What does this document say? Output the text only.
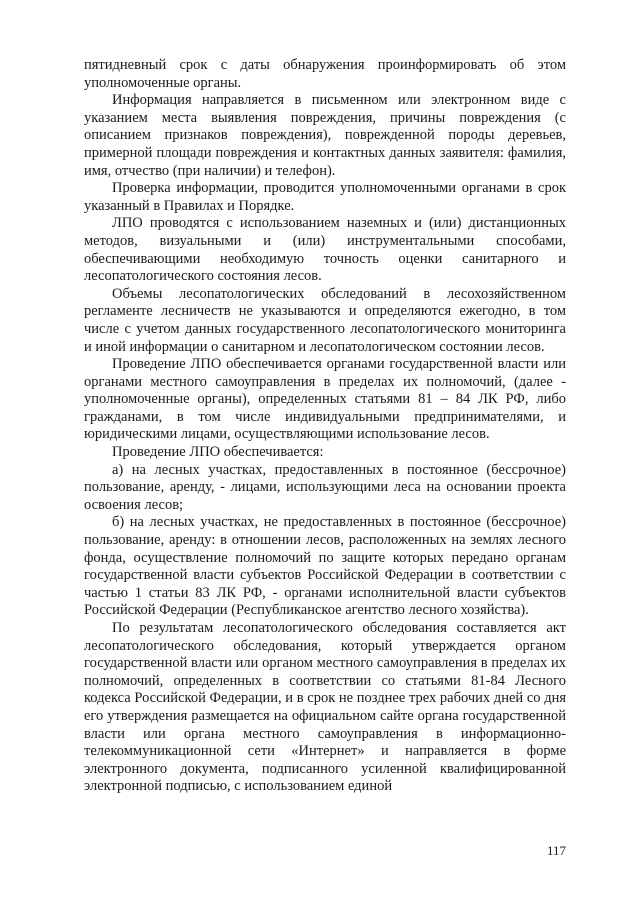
пятидневный срок с даты обнаружения проинформировать об этом уполномоченные органы.

Информация направляется в письменном или электронном виде с указанием места выявления повреждения, причины повреждения (с описанием признаков повреждения), поврежденной породы деревьев, примерной площади повреждения и контактных данных заявителя: фамилия, имя, отчество (при наличии) и телефон).

Проверка информации, проводится уполномоченными органами в срок указанный в Правилах и Порядке.

ЛПО проводятся с использованием наземных и (или) дистанционных методов, визуальными и (или) инструментальными способами, обеспечивающими необходимую точность оценки санитарного и лесопатологического состояния лесов.

Объемы лесопатологических обследований в лесохозяйственном регламенте лесничеств не указываются и определяются ежегодно, в том числе с учетом данных государственного лесопатологического мониторинга и иной информации о санитарном и лесопатологическом состоянии лесов.

Проведение ЛПО обеспечивается органами государственной власти или органами местного самоуправления в пределах их полномочий, (далее - уполномоченные органы), определенных статьями 81 – 84 ЛК РФ, либо гражданами, в том числе индивидуальными предпринимателями, и юридическими лицами, осуществляющими использование лесов.

Проведение ЛПО обеспечивается:

а) на лесных участках, предоставленных в постоянное (бессрочное) пользование, аренду, - лицами, использующими леса на основании проекта освоения лесов;

б) на лесных участках, не предоставленных в постоянное (бессрочное) пользование, аренду: в отношении лесов, расположенных на землях лесного фонда, осуществление полномочий по защите которых передано органам государственной власти субъектов Российской Федерации в соответствии с частью 1 статьи 83 ЛК РФ, - органами исполнительной власти субъектов Российской Федерации (Республиканское агентство лесного хозяйства).

По результатам лесопатологического обследования составляется акт лесопатологического обследования, который утверждается органом государственной власти или органом местного самоуправления в пределах их полномочий, определенных в соответствии со статьями 81-84 Лесного кодекса Российской Федерации, и в срок не позднее трех рабочих дней со дня его утверждения размещается на официальном сайте органа государственной власти или органа местного самоуправления в информационно-телекоммуникационной сети «Интернет» и направляется в форме электронного документа, подписанного усиленной квалифицированной электронной подписью, с использованием единой

117
